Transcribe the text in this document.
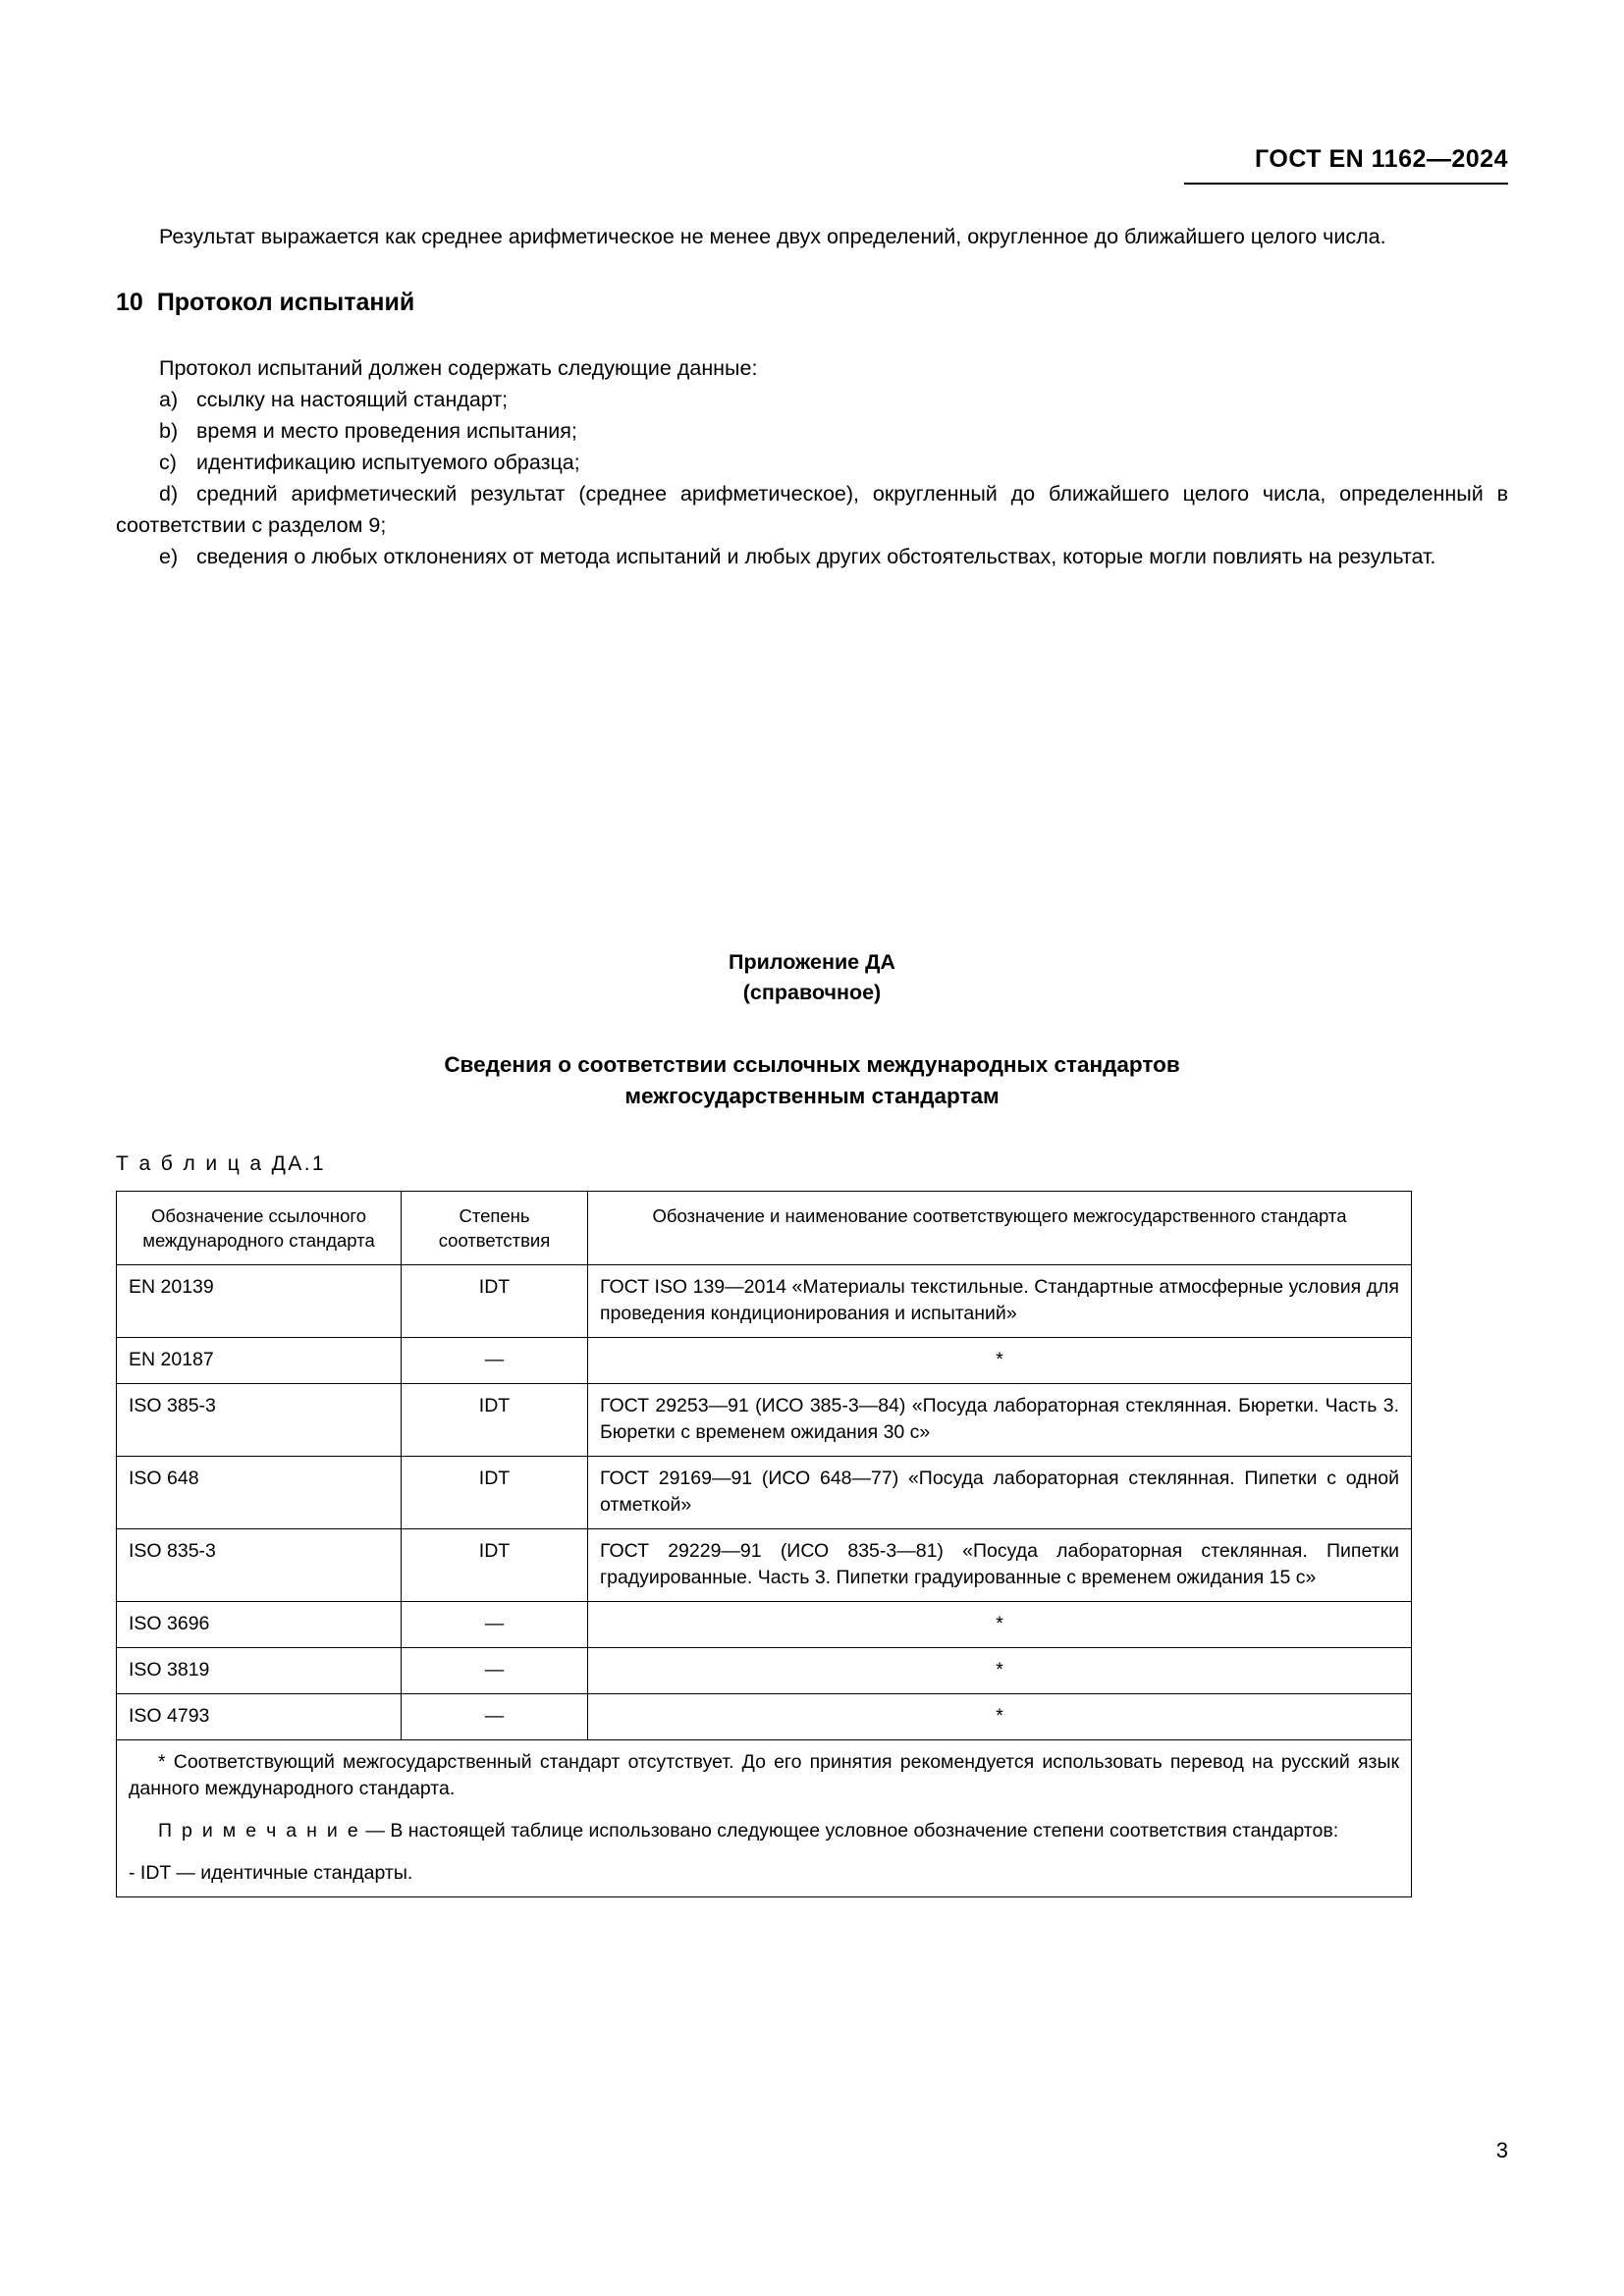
ГОСТ EN 1162—2024

Результат выражается как среднее арифметическое не менее двух определений, округленное до ближайшего целого числа.

10 Протокол испытаний

Протокол испытаний должен содержать следующие данные:

a) ссылку на настоящий стандарт;
b) время и место проведения испытания;
c) идентификацию испытуемого образца;
d) средний арифметический результат (среднее арифметическое), округленный до ближайшего целого числа, определенный в соответствии с разделом 9;
e) сведения о любых отклонениях от метода испытаний и любых других обстоятельствах, которые могли повлиять на результат.
Приложение ДА
(справочное)
Сведения о соответствии ссылочных международных стандартов
межгосударственным стандартам
Т а б л и ц а ДА.1
Обозначение ссылочного международного стандарта	Степень соответствия	Обозначение и наименование соответствующего межгосударственного стандарта
EN 20139	IDT	ГОСТ ISO 139—2014 «Материалы текстильные. Стандартные атмосферные условия для проведения кондиционирования и испытаний»
EN 20187	—	*
ISO 385-3	IDT	ГОСТ 29253—91 (ИСО 385-3—84) «Посуда лабораторная стеклянная. Бюретки. Часть 3. Бюретки с временем ожидания 30 с»
ISO 648	IDT	ГОСТ 29169—91 (ИСО 648—77) «Посуда лабораторная стеклянная. Пипетки с одной отметкой»
ISO 835-3	IDT	ГОСТ 29229—91 (ИСО 835-3—81) «Посуда лабораторная стеклянная. Пипетки градуированные. Часть 3. Пипетки градуированные с временем ожидания 15 с»
ISO 3696	—	*
ISO 3819	—	*
ISO 4793	—	*

* Соответствующий межгосударственный стандарт отсутствует. До его принятия рекомендуется использовать перевод на русский язык данного международного стандарта.

П р и м е ч а н и е — В настоящей таблице использовано следующее условное обозначение степени соответствия стандартов:

- IDT — идентичные стандарты.		

3
